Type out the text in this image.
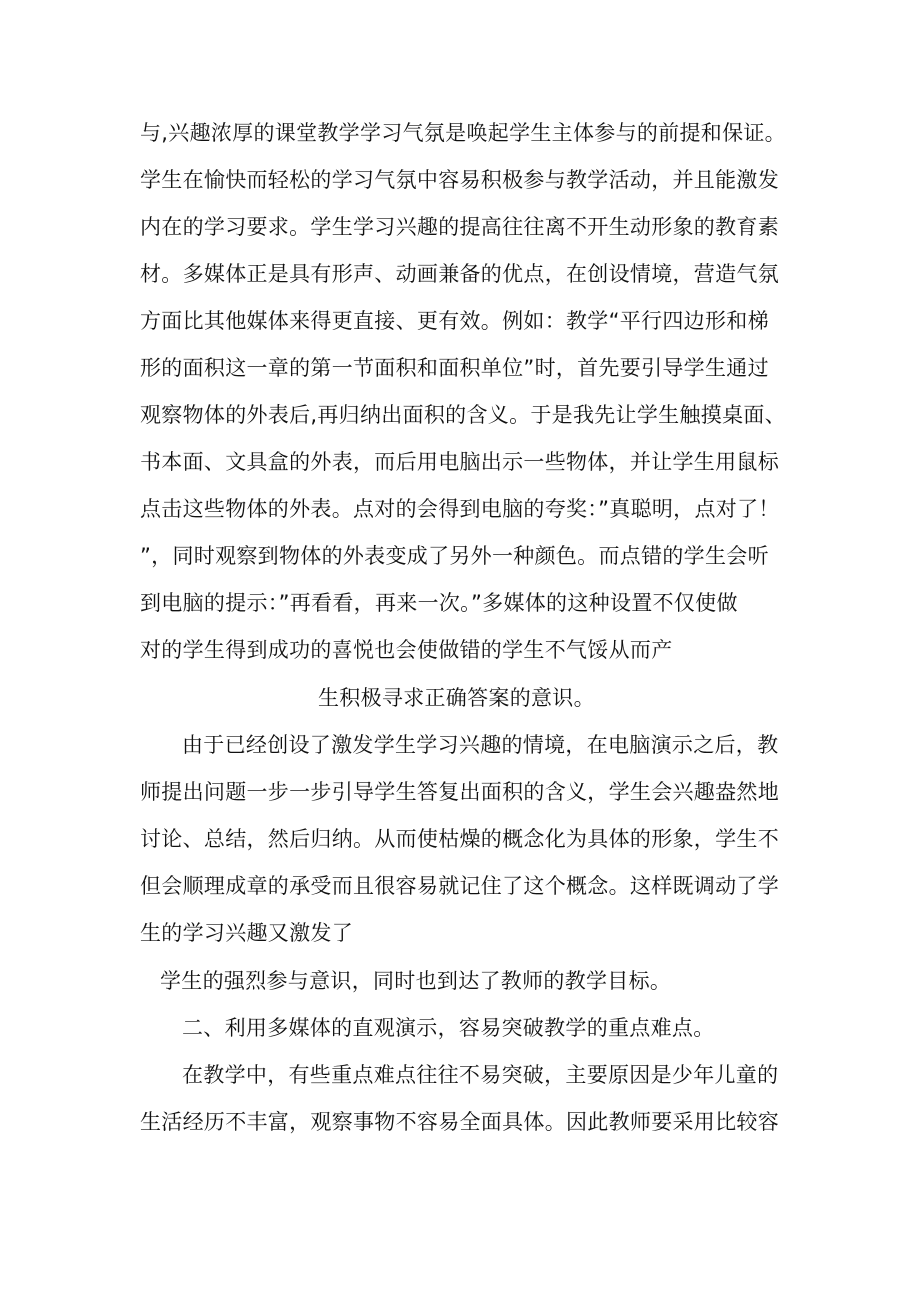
与,兴趣浓厚的课堂教学学习气氛是唤起学生主体参与的前提和保证。
学生在愉快而轻松的学习气氛中容易积极参与教学活动，并且能激发
内在的学习要求。学生学习兴趣的提高往往离不开生动形象的教育素
材。多媒体正是具有形声、动画兼备的优点，在创设情境，营造气氛
方面比其他媒体来得更直接、更有效。例如：教学“平行四边形和梯
形的面积这一章的第一节面积和面积单位”时，首先要引导学生通过
观察物体的外表后,再归纳出面积的含义。于是我先让学生触摸桌面、
书本面、文具盒的外表，而后用电脑出示一些物体，并让学生用鼠标
点击这些物体的外表。点对的会得到电脑的夸奖：”真聪明，点对了！
”，同时观察到物体的外表变成了另外一种颜色。而点错的学生会听
到电脑的提示：”再看看，再来一次。”多媒体的这种设置不仅使做
对的学生得到成功的喜悦也会使做错的学生不气馁从而产
生积极寻求正确答案的意识。
由于已经创设了激发学生学习兴趣的情境，在电脑演示之后，教
师提出问题一步一步引导学生答复出面积的含义，学生会兴趣盎然地
讨论、总结，然后归纳。从而使枯燥的概念化为具体的形象，学生不
但会顺理成章的承受而且很容易就记住了这个概念。这样既调动了学
生的学习兴趣又激发了
学生的强烈参与意识，同时也到达了教师的教学目标。
二、利用多媒体的直观演示，容易突破教学的重点难点。
在教学中，有些重点难点往往不易突破，主要原因是少年儿童的
生活经历不丰富，观察事物不容易全面具体。因此教师要采用比较容
